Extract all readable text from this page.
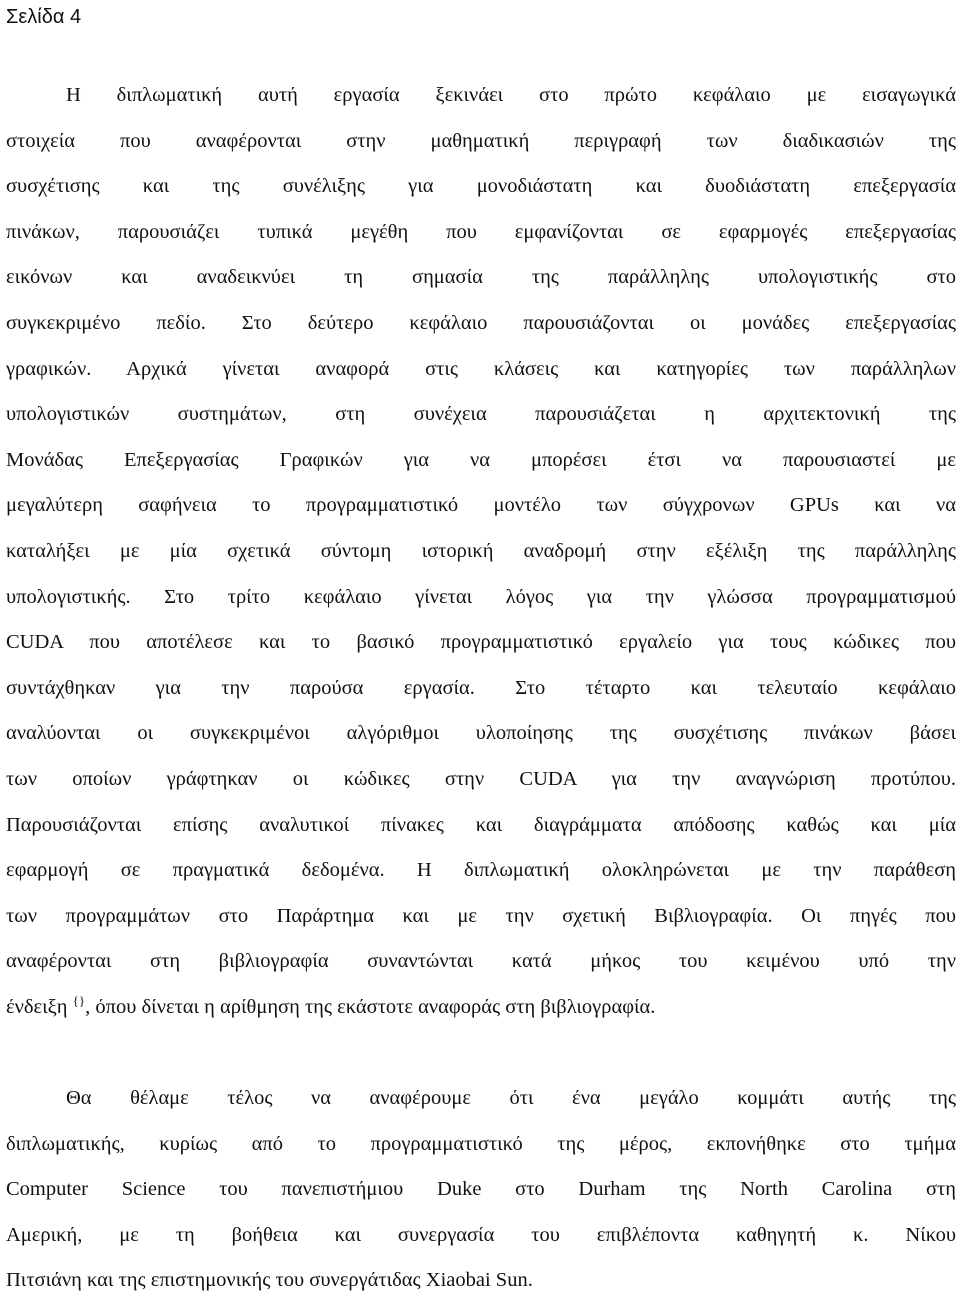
Σελίδα 4

Η διπλωματική αυτή εργασία ξεκινάει στο πρώτο κεφάλαιο με εισαγωγικά
στοιχεία που αναφέρονται στην μαθηματική περιγραφή των διαδικασιών της
συσχέτισης και της συνέλιξης για μονοδιάστατη και δυοδιάστατη επεξεργασία
πινάκων, παρουσιάζει τυπικά μεγέθη που εμφανίζονται σε εφαρμογές επεξεργασίας
εικόνων και αναδεικνύει τη σημασία της παράλληλης υπολογιστικής στο
συγκεκριμένο πεδίο. Στο δεύτερο κεφάλαιο παρουσιάζονται οι μονάδες επεξεργασίας
γραφικών. Αρχικά γίνεται αναφορά στις κλάσεις και κατηγορίες των παράλληλων
υπολογιστικών συστημάτων, στη συνέχεια παρουσιάζεται η αρχιτεκτονική της
Μονάδας Επεξεργασίας Γραφικών για να μπορέσει έτσι να παρουσιαστεί με
μεγαλύτερη σαφήνεια το προγραμματιστικό μοντέλο των σύγχρονων GPUs και να
καταλήξει με μία σχετικά σύντομη ιστορική αναδρομή στην εξέλιξη της παράλληλης
υπολογιστικής. Στο τρίτο κεφάλαιο γίνεται λόγος για την γλώσσα προγραμματισμού
CUDA που αποτέλεσε και το βασικό προγραμματιστικό εργαλείο για τους κώδικες που
συντάχθηκαν για την παρούσα εργασία. Στο τέταρτο και τελευταίο κεφάλαιο
αναλύονται οι συγκεκριμένοι αλγόριθμοι υλοποίησης της συσχέτισης πινάκων βάσει
των οποίων γράφτηκαν οι κώδικες στην CUDA για την αναγνώριση προτύπου.
Παρουσιάζονται επίσης αναλυτικοί πίνακες και διαγράμματα απόδοσης καθώς και μία
εφαρμογή σε πραγματικά δεδομένα. Η διπλωματική ολοκληρώνεται με την παράθεση
των προγραμμάτων στο Παράρτημα και με την σχετική Βιβλιογραφία. Οι πηγές που
αναφέρονται στη βιβλιογραφία συναντώνται κατά μήκος του κειμένου υπό την
ένδειξη {}, όπου δίνεται η αρίθμηση της εκάστοτε αναφοράς στη βιβλιογραφία.

Θα θέλαμε τέλος να αναφέρουμε ότι ένα μεγάλο κομμάτι αυτής της
διπλωματικής, κυρίως από το προγραμματιστικό της μέρος, εκπονήθηκε στο τμήμα
Computer Science του πανεπιστήμιου Duke στο Durham της North Carolina στη
Αμερική, με τη βοήθεια και συνεργασία του επιβλέποντα καθηγητή κ. Νίκου
Πιτσιάνη και της επιστημονικής του συνεργάτιδας Xiaobai Sun.
